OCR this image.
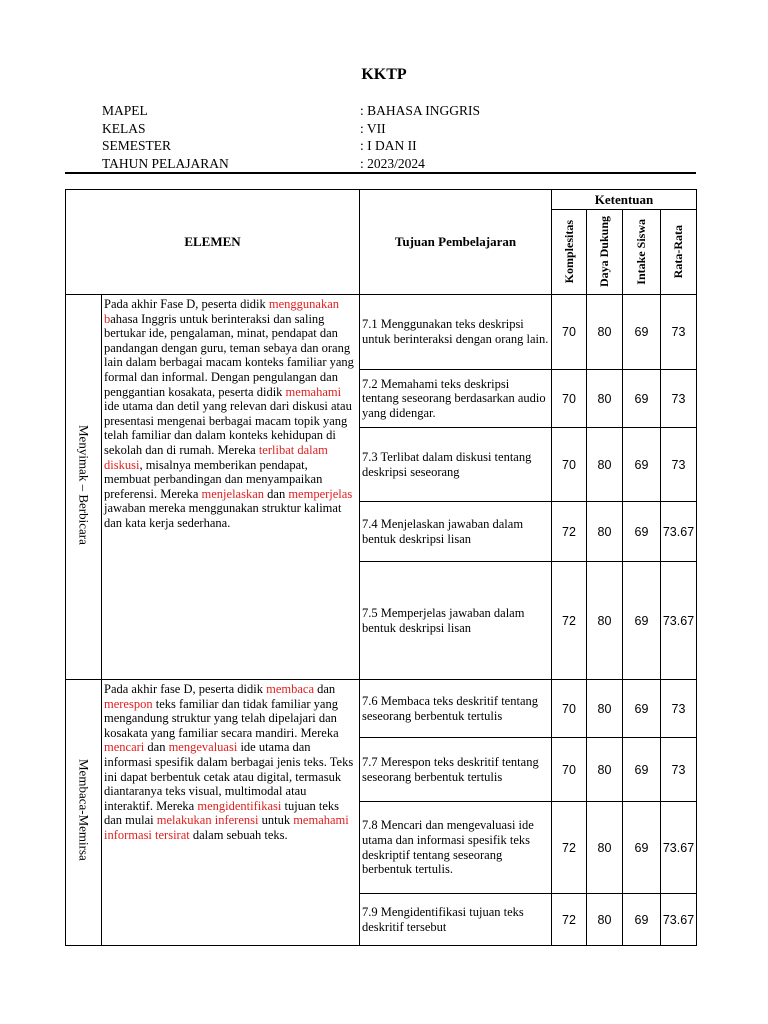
KKTP
MAPEL	: BAHASA INGGRIS
KELAS	: VII
SEMESTER	: I DAN II
TAHUN PELAJARAN	: 2023/2024
ELEMEN		Tujuan Pembelajaran	Ketentuan			

			Komplesitas	Daya Dukung	Intake Siswa	Rata-Rata

Menyimak – Berbicara	Pada akhir Fase D, peserta didik menggunakan bahasa Inggris untuk berinteraksi dan saling bertukar ide, pengalaman, minat, pendapat dan pandangan dengan guru, teman sebaya dan orang lain dalam berbagai macam konteks familiar yang formal dan informal. Dengan pengulangan dan penggantian kosakata, peserta didik memahami ide utama dan detil yang relevan dari diskusi atau presentasi mengenai berbagai macam topik yang telah familiar dan dalam konteks kehidupan di sekolah dan di rumah. Mereka terlibat dalam diskusi, misalnya memberikan pendapat, membuat perbandingan dan menyampaikan preferensi. Mereka menjelaskan dan memperjelas jawaban mereka menggunakan struktur kalimat dan kata kerja sederhana.	7.1 Menggunakan teks deskripsi untuk berinteraksi dengan orang lain.	70	80	69	73
		7.2 Memahami teks deskripsi tentang seseorang berdasarkan audio yang didengar.	70	80	69	73
		7.3 Terlibat dalam diskusi tentang deskripsi seseorang	70	80	69	73
		7.4 Menjelaskan jawaban dalam bentuk deskripsi lisan	72	80	69	73.67
		7.5 Memperjelas jawaban dalam bentuk deskripsi lisan	72	80	69	73.67
Membaca-Memirsa	Pada akhir fase D, peserta didik membaca dan merespon teks familiar dan tidak familiar yang mengandung struktur yang telah dipelajari dan kosakata yang familiar secara mandiri. Mereka mencari dan mengevaluasi ide utama dan informasi spesifik dalam berbagai jenis teks. Teks ini dapat berbentuk cetak atau digital, termasuk diantaranya teks visual, multimodal atau interaktif. Mereka mengidentifikasi tujuan teks dan mulai melakukan inferensi untuk memahami informasi tersirat dalam sebuah teks.	7.6 Membaca teks deskritif tentang seseorang berbentuk tertulis	70	80	69	73
		7.7 Merespon teks deskritif tentang seseorang berbentuk tertulis	70	80	69	73
		7.8 Mencari dan mengevaluasi ide utama dan informasi spesifik teks deskriptif tentang seseorang berbentuk tertulis.	72	80	69	73.67
		7.9 Mengidentifikasi tujuan teks deskritif tersebut	72	80	69	73.67
